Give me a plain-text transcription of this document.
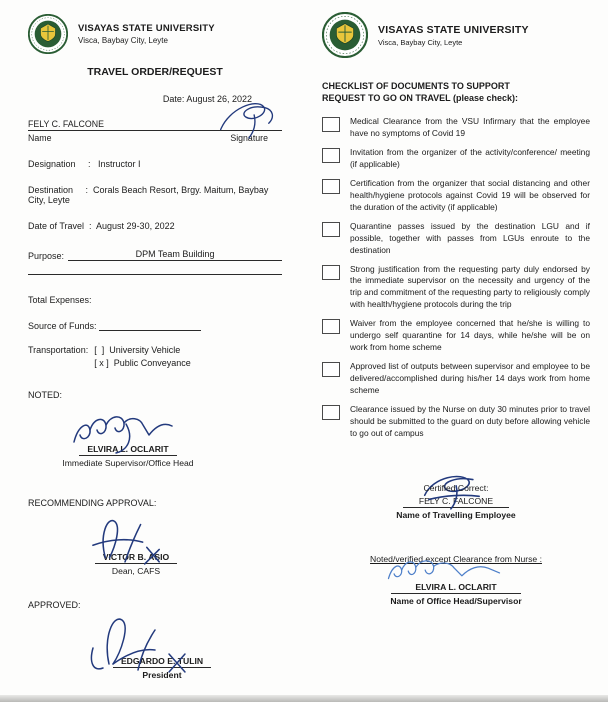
VISAYAS STATE UNIVERSITY
Visca, Baybay City, Leyte
TRAVEL ORDER/REQUEST
Date: August 26, 2022
FELY C. FALCONE
Name	Signature
Designation     :   Instructor I
Destination     :  Corals Beach Resort, Brgy. Maitum, Baybay City, Leyte
Date of Travel  :  August 29-30, 2022
Purpose:	DPM Team Building
Total Expenses:
Source of Funds:
Transportation: [  ]  University Vehicle
[ x ]  Public Conveyance
NOTED:
ELVIRA L. OCLARIT
Immediate Supervisor/Office Head
RECOMMENDING APPROVAL:
VICTOR B. ASIO
Dean, CAFS
APPROVED:
EDGARDO E. TULIN
President
VISAYAS STATE UNIVERSITY
Visca, Baybay City, Leyte
CHECKLIST OF DOCUMENTS TO SUPPORT
REQUEST TO GO ON TRAVEL (please check):
Medical Clearance from the VSU Infirmary that the employee have no symptoms of Covid 19
Invitation from the organizer of the activity/conference/ meeting (if applicable)
Certification from the organizer that social distancing and other health/hygiene protocols against Covid 19 will be observed for the duration of the activity (if applicable)
Quarantine passes issued by the destination LGU and if possible, together with passes from LGUs enroute to the destination
Strong justification from the requesting party duly endorsed by the immediate supervisor on the necessity and urgency of the trip and commitment of the requesting party to religiously comply with health/hygiene protocols during the trip
Waiver from the employee concerned that he/she is willing to undergo self quarantine for 14 days, while he/she will be on work from home scheme
Approved list of outputs between supervisor and employee to be delivered/accomplished during his/her 14 days work from home scheme
Clearance issued by the Nurse on duty 30 minutes prior to travel should be submitted to the guard on duty before allowing vehicle to go out of campus
Certified Correct:
FELY C. FALCONE
Name of Travelling Employee
Noted/verified except Clearance from Nurse :
ELVIRA L. OCLARIT
Name of Office Head/Supervisor
